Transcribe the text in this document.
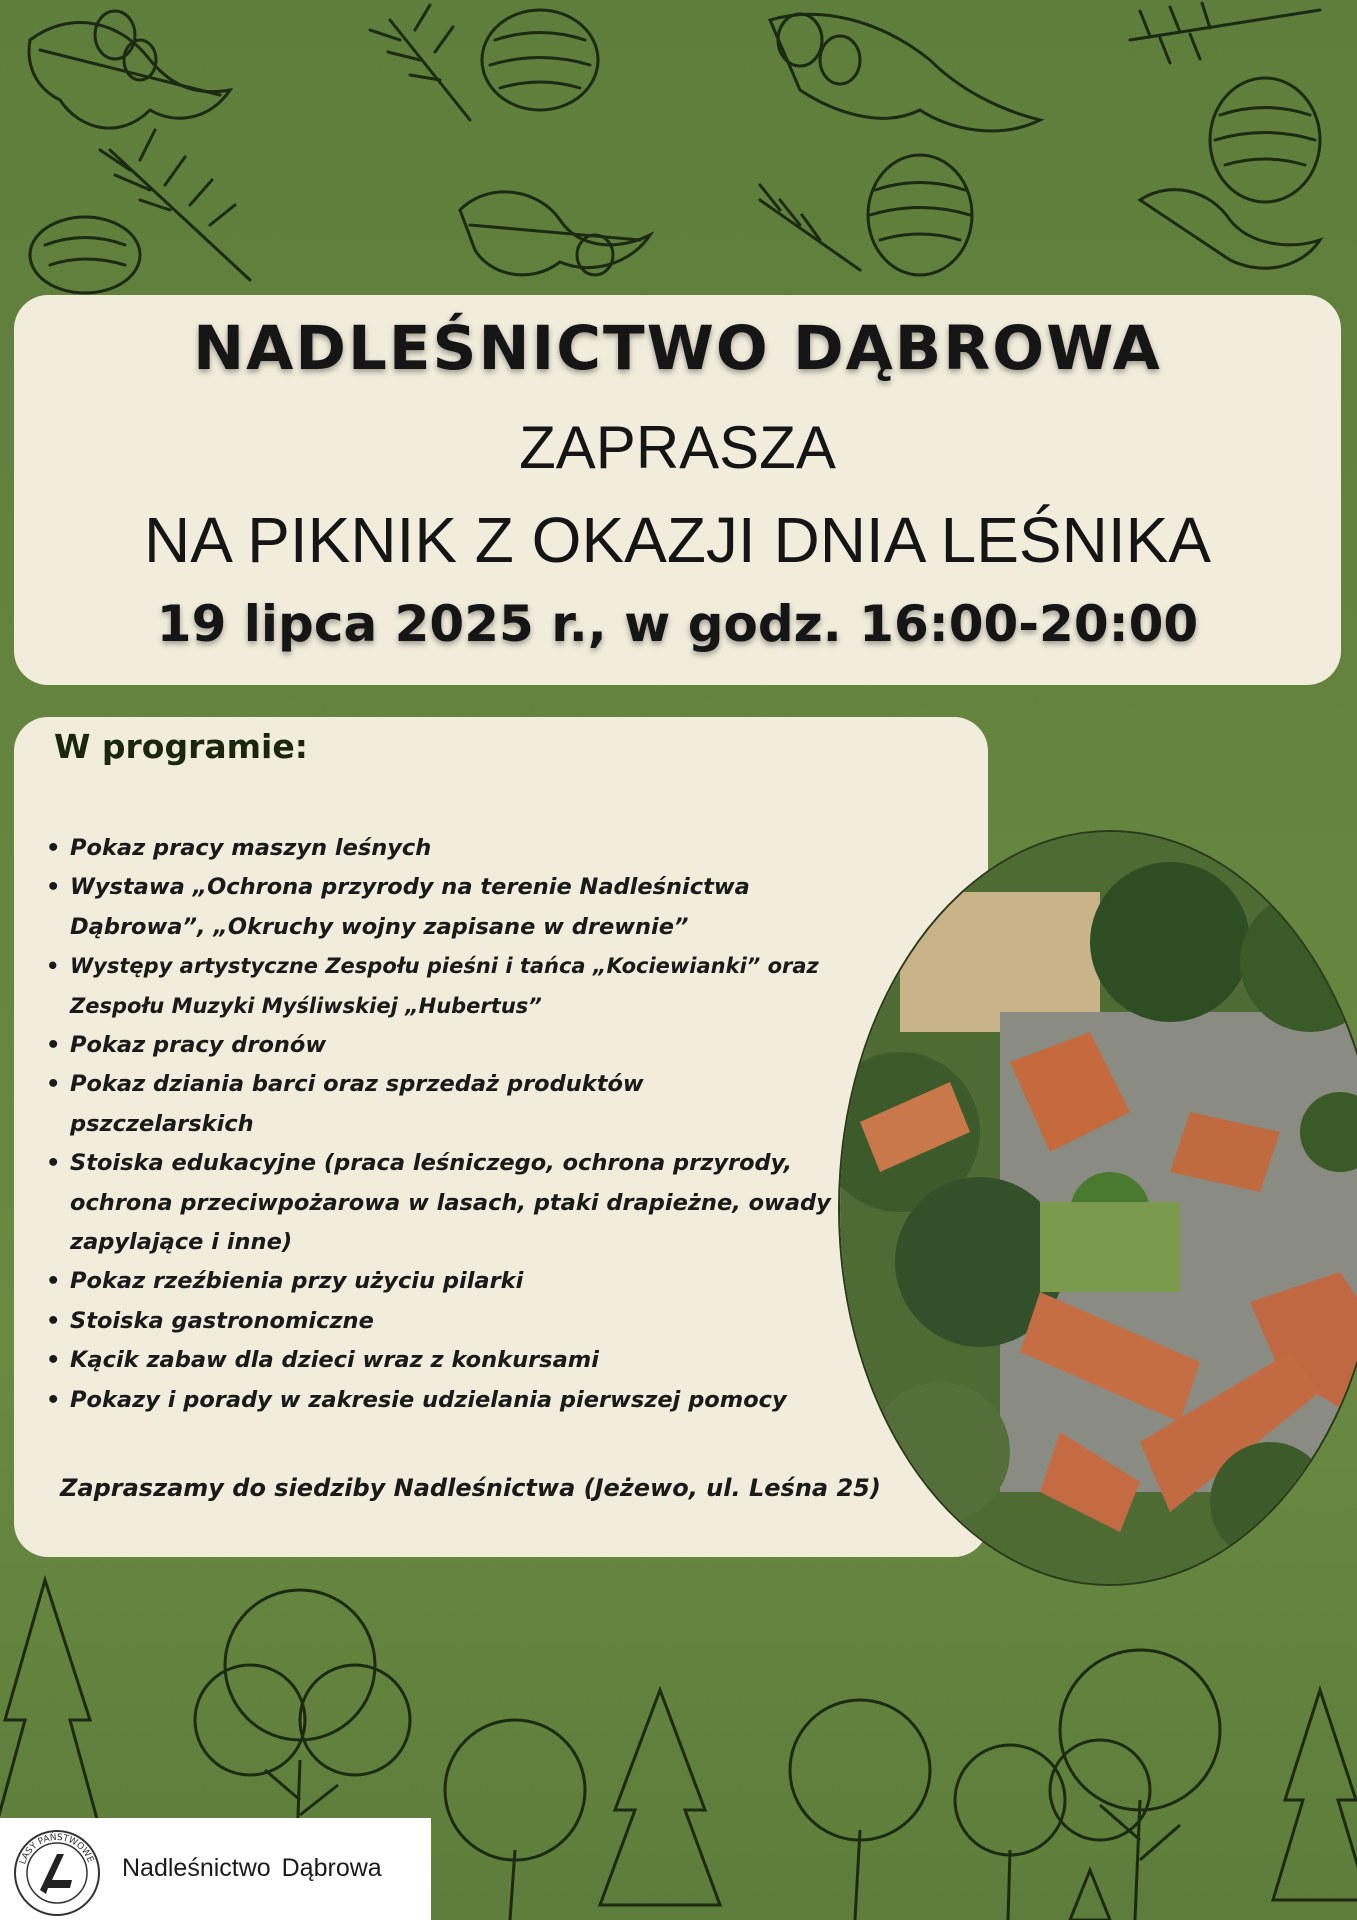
NADLEŚNICTWO DĄBROWA
ZAPRASZA
NA PIKNIK Z OKAZJI DNIA LEŚNIKA
19 lipca 2025 r., w godz. 16:00-20:00
W programie:
• Pokaz pracy maszyn leśnych
• Wystawa „Ochrona przyrody na terenie Nadleśnictwa Dąbrowa”, „Okruchy wojny zapisane w drewnie”
• Występy artystyczne Zespołu pieśni i tańca „Kociewianki” oraz Zespołu Muzyki Myśliwskiej „Hubertus”
• Pokaz pracy dronów
• Pokaz dziania barci oraz sprzedaż produktów pszczelarskich
• Stoiska edukacyjne (praca leśniczego, ochrona przyrody, ochrona przeciwpożarowa w lasach, ptaki drapieżne, owady zapylające i inne)
• Pokaz rzeźbienia przy użyciu pilarki
• Stoiska gastronomiczne
• Kącik zabaw dla dzieci wraz z konkursami
• Pokazy i porady w zakresie udzielania pierwszej pomocy
Zapraszamy do siedziby Nadleśnictwa (Jeżewo, ul. Leśna 25)
LASY PAŃSTWOWE Nadleśnictwo Dąbrowa
